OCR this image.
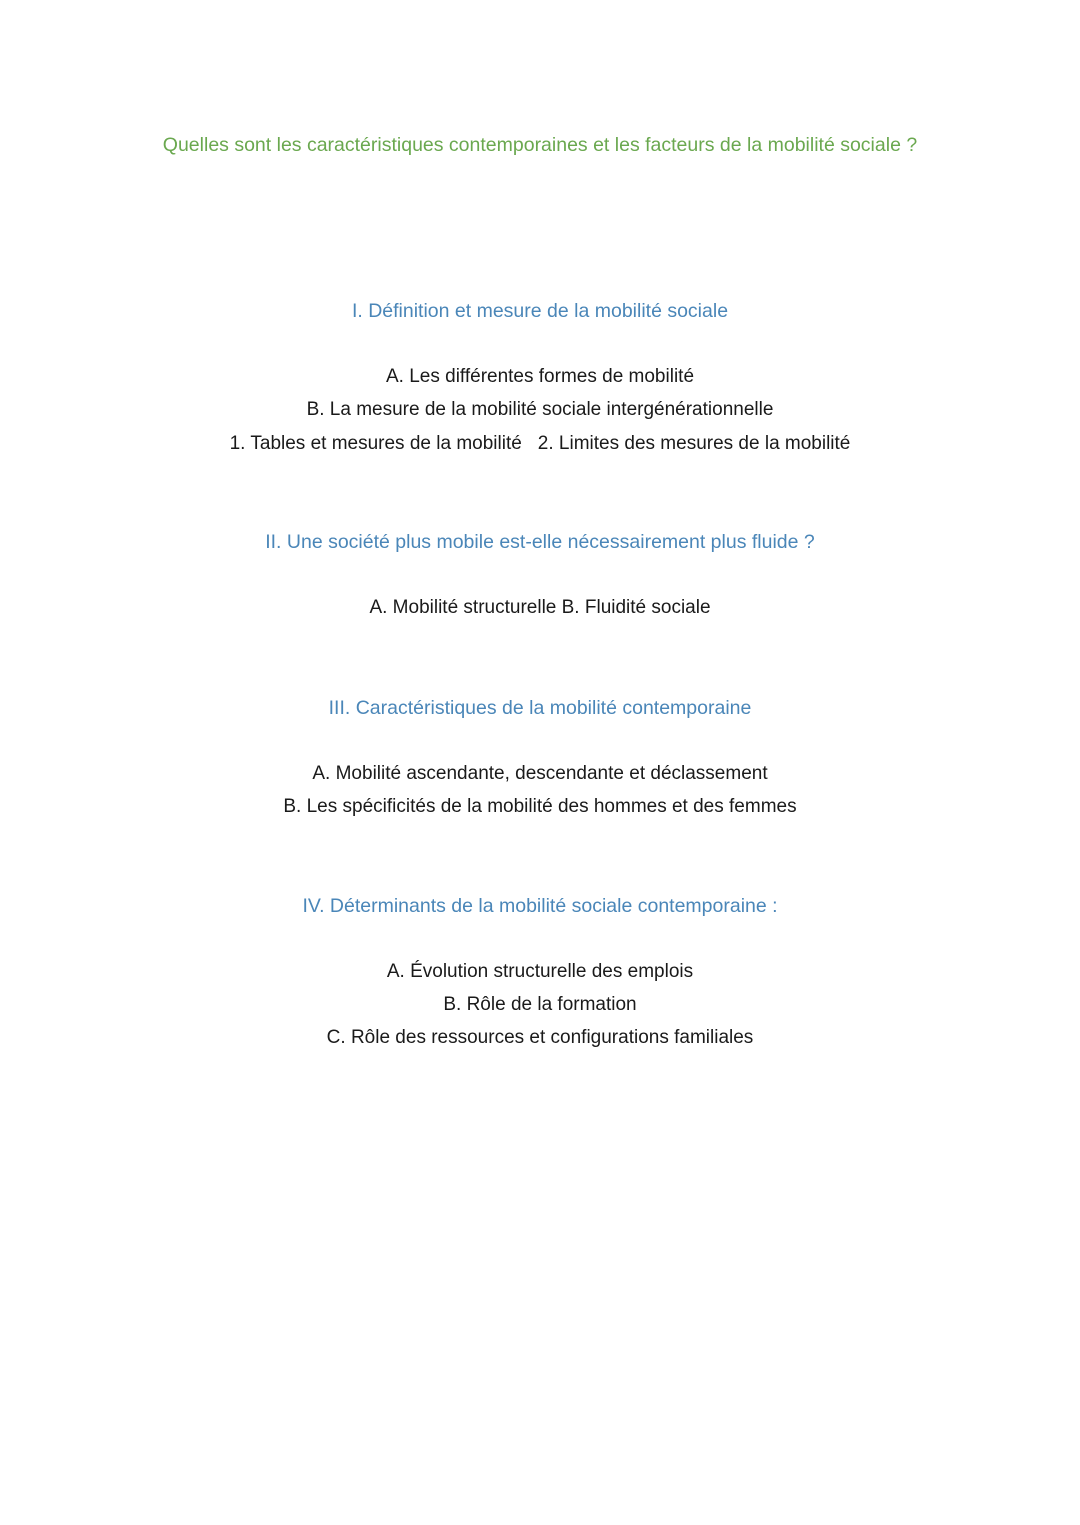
Quelles sont les caractéristiques contemporaines et les facteurs de la mobilité sociale ?

I. Définition et mesure de la mobilité sociale

A. Les différentes formes de mobilité

B. La mesure de la mobilité sociale intergénérationnelle

1. Tables et mesures de la mobilité 2. Limites des mesures de la mobilité

II. Une société plus mobile est-elle nécessairement plus fluide ?

A. Mobilité structurelle B. Fluidité sociale

III. Caractéristiques de la mobilité contemporaine

A. Mobilité ascendante, descendante et déclassement

B. Les spécificités de la mobilité des hommes et des femmes

IV. Déterminants de la mobilité sociale contemporaine :

A. Évolution structurelle des emplois

B. Rôle de la formation

C. Rôle des ressources et configurations familiales
